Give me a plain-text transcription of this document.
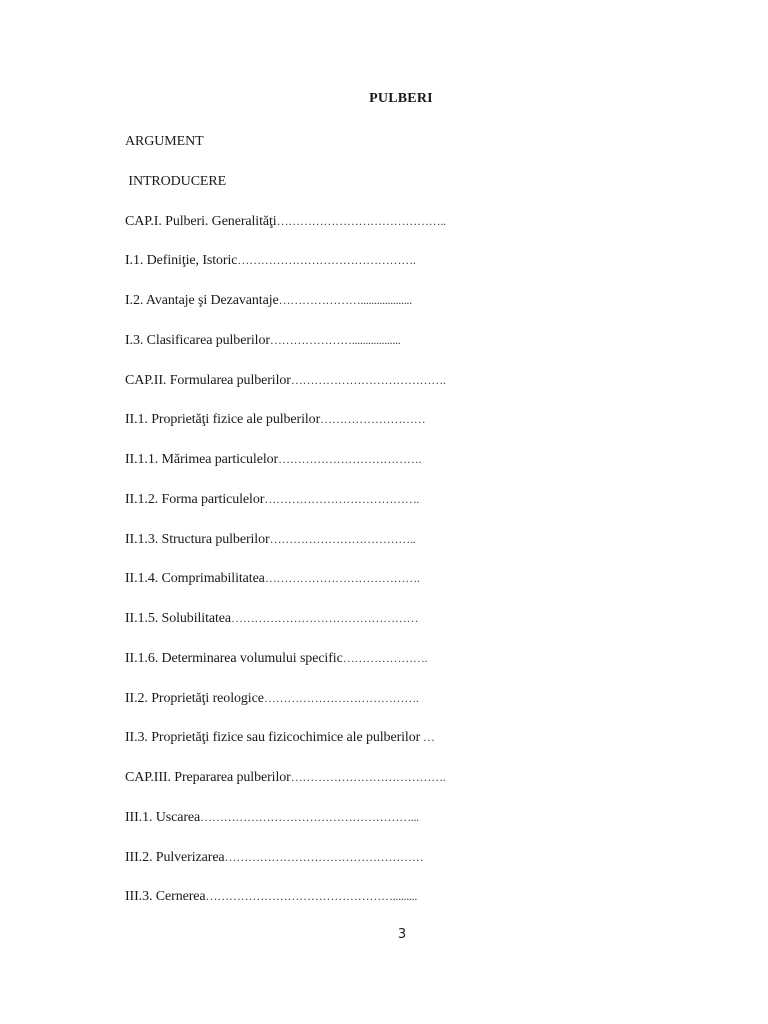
PULBERI
ARGUMENT
INTRODUCERE
CAP.I. Pulberi. Generalităţi……………………………………..
I.1. Definiţie, Istoric……………………………………….
I.2. Avantaje şi Dezavantaje…………………...................
I.3. Clasificarea pulberilor…………………..................
CAP.II. Formularea pulberilor………………………………….
II.1. Proprietăţi fizice ale pulberilor………………………
II.1.1. Mărimea particulelor……………………………….
II.1.2. Forma particulelor………………………………….
II.1.3. Structura pulberilor………………………………..
II.1.4. Comprimabilitatea………………………………….
II.1.5. Solubilitatea…………………………………………
II.1.6. Determinarea volumului specific………………….
II.2. Proprietăţi reologice………………………………….
II.3. Proprietăţi fizice sau fizicochimice ale pulberilor …
CAP.III. Prepararea pulberilor………………………………….
III.1. Uscarea………………………………………………...
III.2. Pulverizarea……………………………………………
III.3. Cernerea………………………………………….........
3
